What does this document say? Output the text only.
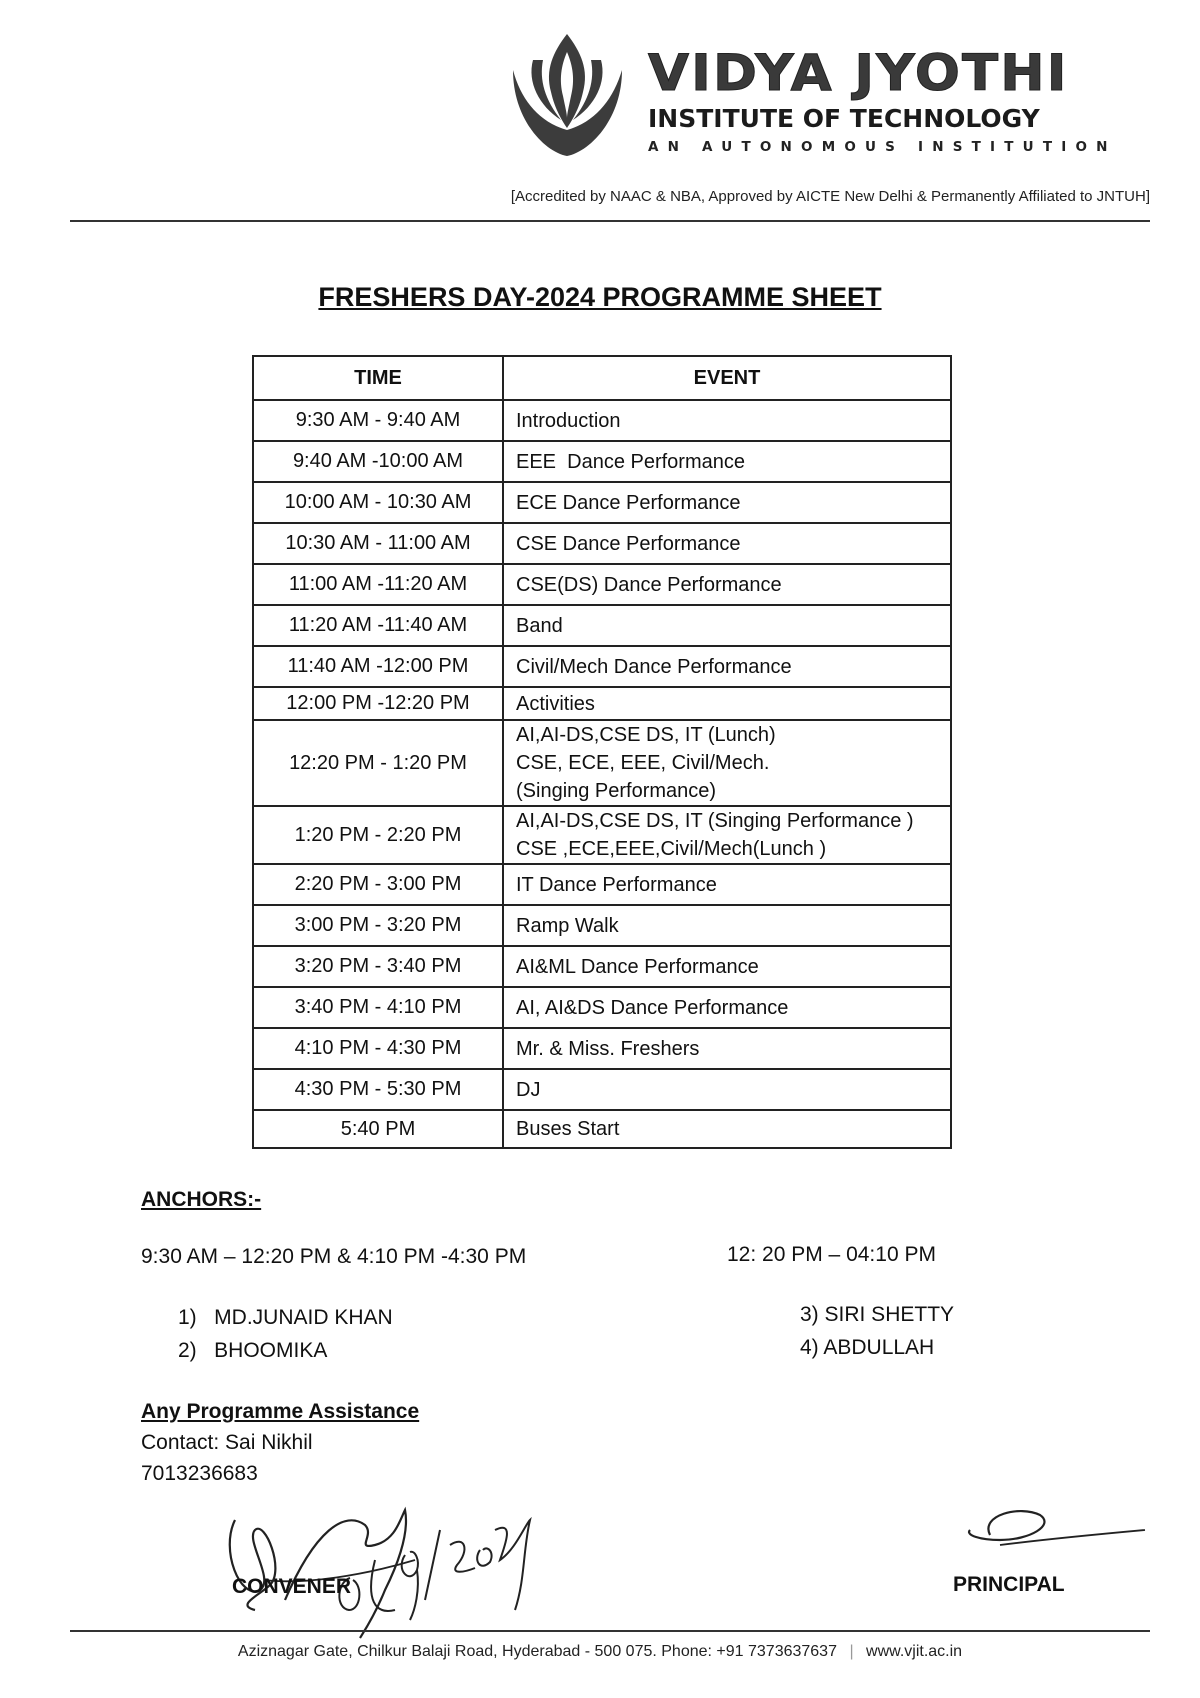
VIDYA JYOTHI
INSTITUTE OF TECHNOLOGY
AN AUTONOMOUS INSTITUTION
[Accredited by NAAC & NBA, Approved by AICTE New Delhi & Permanently Affiliated to JNTUH]
FRESHERS DAY-2024 PROGRAMME SHEET
TIME	EVENT
9:30 AM - 9:40 AM	Introduction

9:40 AM -10:00 AM	EEE  Dance Performance

10:00 AM - 10:30 AM	ECE Dance Performance

10:30 AM - 11:00 AM	CSE Dance Performance

11:00 AM -11:20 AM	CSE(DS) Dance Performance

11:20 AM -11:40 AM	Band

11:40 AM -12:00 PM	Civil/Mech Dance Performance

12:00 PM -12:20 PM	Activities

12:20 PM - 1:20 PM	AI,AI-DS,CSE DS, IT (Lunch)
CSE, ECE, EEE, Civil/Mech.
(Singing Performance)

1:20 PM - 2:20 PM	AI,AI-DS,CSE DS, IT (Singing Performance )
CSE ,ECE,EEE,Civil/Mech(Lunch )

2:20 PM - 3:00 PM	IT Dance Performance

3:00 PM - 3:20 PM	Ramp Walk

3:20 PM - 3:40 PM	AI&ML Dance Performance

3:40 PM - 4:10 PM	AI, AI&DS Dance Performance

4:10 PM - 4:30 PM	Mr. & Miss. Freshers

4:30 PM - 5:30 PM	DJ

5:40 PM	Buses Start
ANCHORS:-
9:30 AM – 12:20 PM & 4:10 PM -4:30 PM	12: 20 PM – 04:10 PM
1)   MD.JUNAID KHAN
2)   BHOOMIKA
3) SIRI SHETTY
4) ABDULLAH
Any Programme Assistance
Contact: Sai Nikhil
7013236683
CONVENER	PRINCIPAL
Aziznagar Gate, Chilkur Balaji Road, Hyderabad - 500 075. Phone: +91 7373637637 | www.vjit.ac.in
